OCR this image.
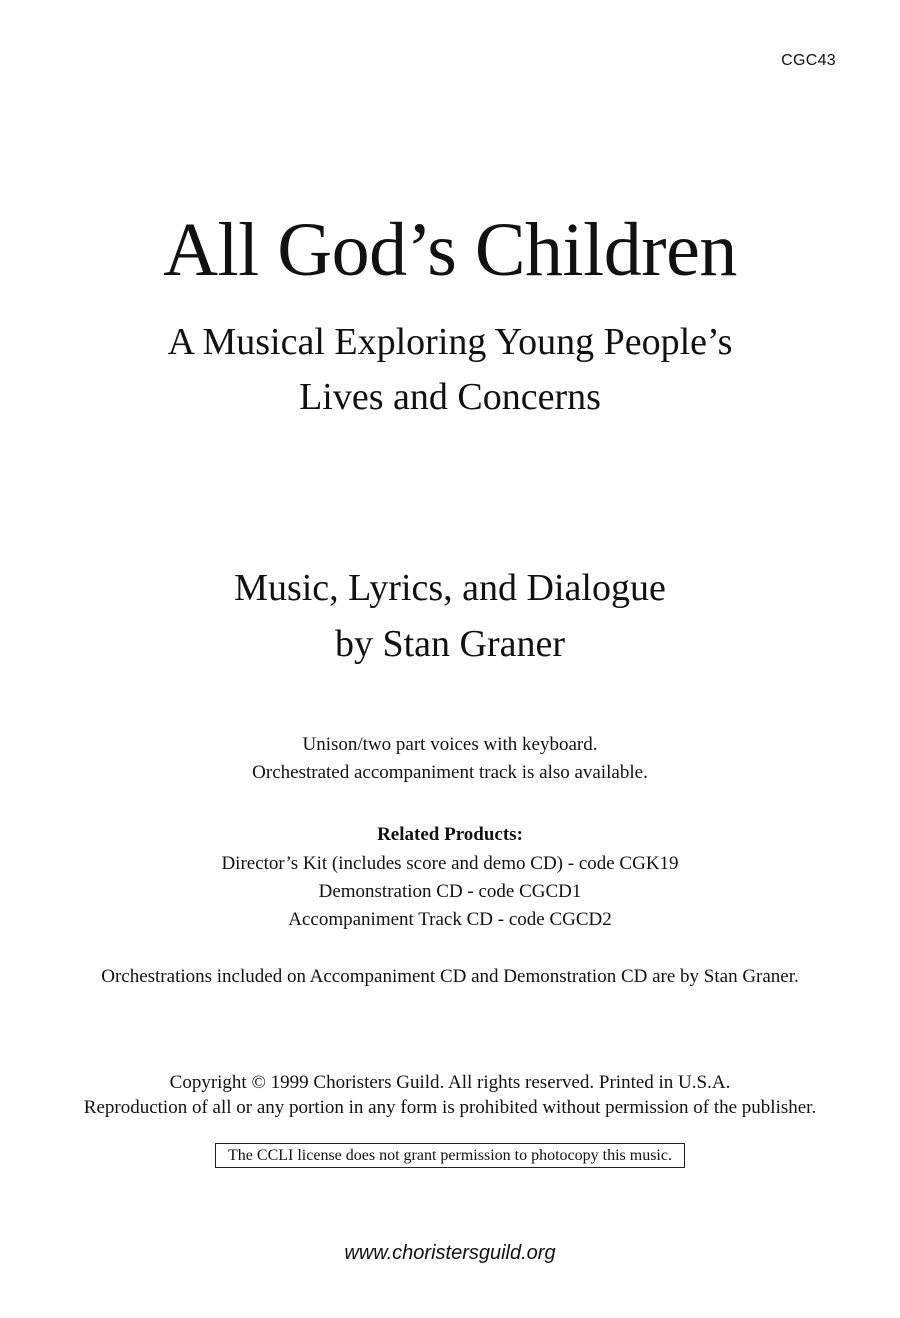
CGC43
All God’s Children
A Musical Exploring Young People’s
Lives and Concerns
Music, Lyrics, and Dialogue
by Stan Graner
Unison/two part voices with keyboard.
Orchestrated accompaniment track is also available.
Related Products:
Director’s Kit (includes score and demo CD) - code CGK19
Demonstration CD - code CGCD1
Accompaniment Track CD - code CGCD2
Orchestrations included on Accompaniment CD and Demonstration CD are by Stan Graner.
Copyright © 1999 Choristers Guild. All rights reserved. Printed in U.S.A.
Reproduction of all or any portion in any form is prohibited without permission of the publisher.
The CCLI license does not grant permission to photocopy this music.
www.choristersguild.org
